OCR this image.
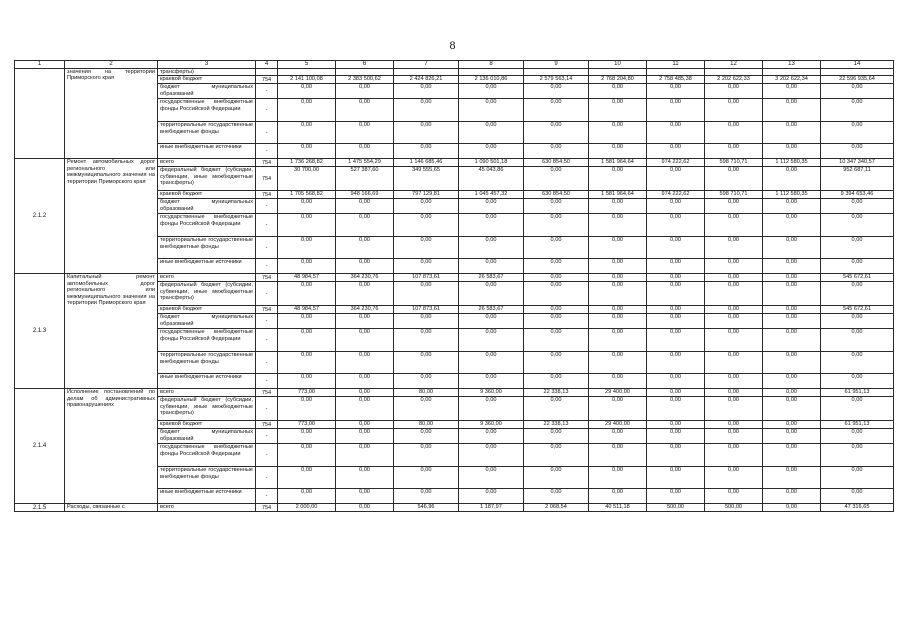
8
1	2	3	4	5	6	7	8	9	10	11	12	13	14
	значения на территории Приморского края	трансферты)											
		краевой бюджет	754	2 141 100,08	2 383 500,62	2 424 826,21	2 136 010,86	2 579 563,14	2 768 204,80	2 758 485,38	2 202 622,33	3 202 622,34	22 596 935,64
		бюджет муниципальных образований	-	0,00	0,00	0,00	0,00	0,00	0,00	0,00	0,00	0,00	0,00
		государственные внебюджетные фонды Российской Федерации	-	0,00	0,00	0,00	0,00	0,00	0,00	0,00	0,00	0,00	0,00
		территориальные государственные внебюджетные фонды	-	0,00	0,00	0,00	0,00	0,00	0,00	0,00	0,00	0,00	0,00
		иные внебюджетные источники	-	0,00	0,00	0,00	0,00	0,00	0,00	0,00	0,00	0,00	0,00
2.1.2	Ремонт автомобильных дорог регионального или межмуниципального значения на территории Приморского края	всего	754	1 736 268,82	1 475 554,29	1 146 685,46	1 090 501,18	630 854,50	1 581 964,64	974 222,62	598 710,71	1 112 580,35	10 347 340,57
		федеральный бюджет (субсидии, субвенции, иные межбюджетные трансферты)	754	30 700,00	527 387,60	349 555,65	45 043,86	0,00	0,00	0,00	0,00	0,00	952 687,11
		краевой бюджет	754	1 705 568,82	948 166,69	797 129,81	1 045 457,32	630 854,50	1 581 964,64	974 222,62	598 710,71	1 112 580,35	9 394 653,46
		бюджет муниципальных образований	-	0,00	0,00	0,00	0,00	0,00	0,00	0,00	0,00	0,00	0,00
		государственные внебюджетные фонды Российской Федерации	-	0,00	0,00	0,00	0,00	0,00	0,00	0,00	0,00	0,00	0,00
		территориальные государственные внебюджетные фонды	-	0,00	0,00	0,00	0,00	0,00	0,00	0,00	0,00	0,00	0,00
		иные внебюджетные источники	-	0,00	0,00	0,00	0,00	0,00	0,00	0,00	0,00	0,00	0,00
2.1.3	Капитальный ремонт автомобильных дорог регионального или межмуниципального значения на территории Приморского края	всего	754	48 984,57	364 230,76	107 873,61	26 583,67	0,00	0,00	0,00	0,00	0,00	545 672,61
		федеральный бюджет (субсидии, субвенции, иные межбюджетные трансферты)	-	0,00	0,00	0,00	0,00	0,00	0,00	0,00	0,00	0,00	0,00
		краевой бюджет	754	48 984,57	364 230,76	107 873,61	26 583,67	0,00	0,00	0,00	0,00	0,00	545 672,61
		бюджет муниципальных образований	-	0,00	0,00	0,00	0,00	0,00	0,00	0,00	0,00	0,00	0,00
		государственные внебюджетные фонды Российской Федерации	-	0,00	0,00	0,00	0,00	0,00	0,00	0,00	0,00	0,00	0,00
		территориальные государственные внебюджетные фонды	-	0,00	0,00	0,00	0,00	0,00	0,00	0,00	0,00	0,00	0,00
		иные внебюджетные источники	-	0,00	0,00	0,00	0,00	0,00	0,00	0,00	0,00	0,00	0,00
2.1.4	Исполнение постановлений по делам об административных правонарушениях	всего	754	773,00	0,00	80,00	9 360,00	22 338,13	29 400,00	0,00	0,00	0,00	61 951,13
		федеральный бюджет (субсидии, субвенции, иные межбюджетные трансферты)	-	0,00	0,00	0,00	0,00	0,00	0,00	0,00	0,00	0,00	0,00
		краевой бюджет	754	773,00	0,00	80,00	9 360,00	22 338,13	29 400,00	0,00	0,00	0,00	61 951,13
		бюджет муниципальных образований	-	0,00	0,00	0,00	0,00	0,00	0,00	0,00	0,00	0,00	0,00
		государственные внебюджетные фонды Российской Федерации	-	0,00	0,00	0,00	0,00	0,00	0,00	0,00	0,00	0,00	0,00
		территориальные государственные внебюджетные фонды	-	0,00	0,00	0,00	0,00	0,00	0,00	0,00	0,00	0,00	0,00
		иные внебюджетные источники	-	0,00	0,00	0,00	0,00	0,00	0,00	0,00	0,00	0,00	0,00
2.1.5	Расходы, связанные с	всего	754	2 000,00	0,00	546,96	1 187,97	2 068,54	40 511,18	500,00	500,00	0,00	47 316,65
